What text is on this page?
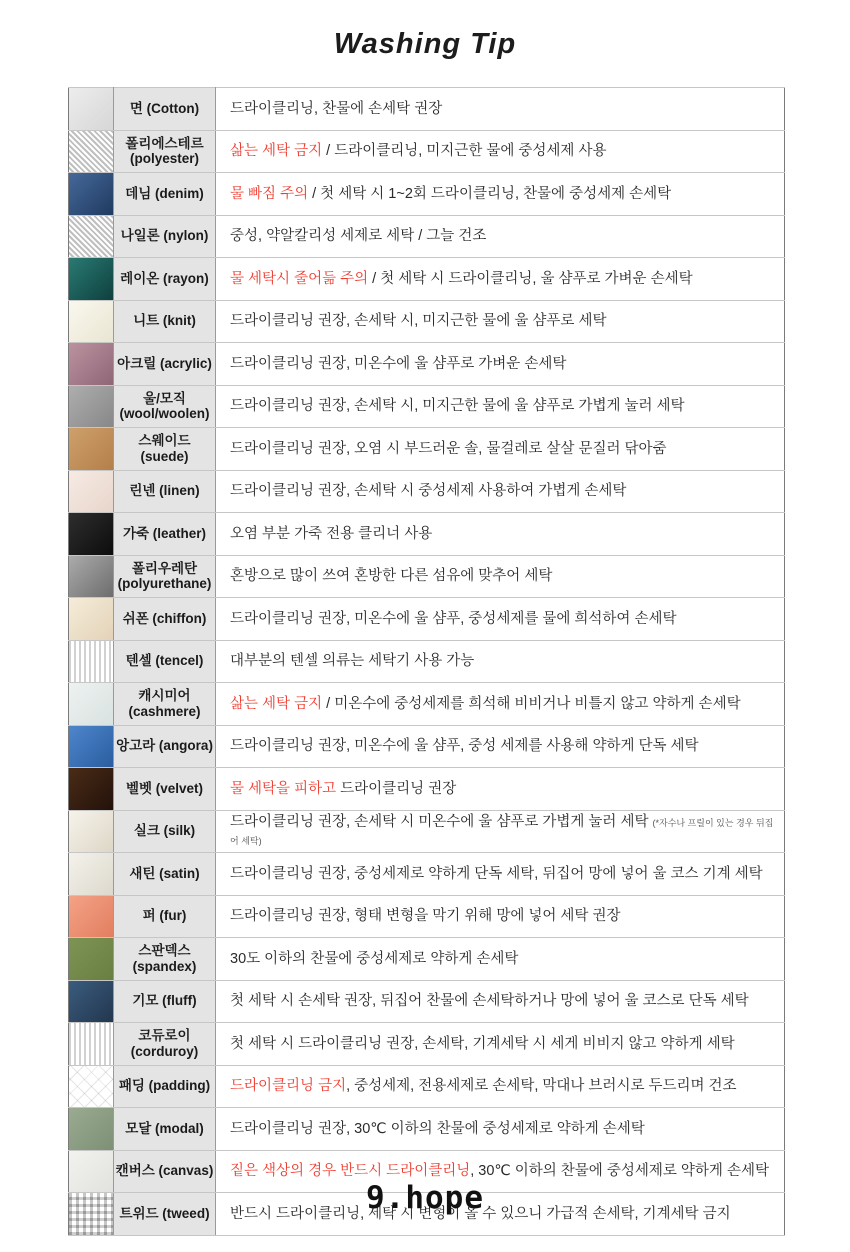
Washing Tip

	면 (Cotton)	드라이클리닝, 찬물에 손세탁 권장

	폴리에스테르
(polyester)	삶는 세탁 금지 / 드라이클리닝, 미지근한 물에 중성세제 사용

	데님 (denim)	물 빠짐 주의 / 첫 세탁 시 1~2회 드라이클리닝, 찬물에 중성세제 손세탁

	나일론 (nylon)	중성, 약알칼리성 세제로 세탁 / 그늘 건조

	레이온 (rayon)	물 세탁시 줄어듦 주의 / 첫 세탁 시 드라이클리닝, 울 샴푸로 가벼운 손세탁

	니트 (knit)	드라이클리닝 권장, 손세탁 시, 미지근한 물에 울 샴푸로 세탁

	아크릴 (acrylic)	드라이클리닝 권장, 미온수에 울 샴푸로 가벼운 손세탁

	울/모직
(wool/woolen)	드라이클리닝 권장, 손세탁 시, 미지근한 물에 울 샴푸로 가볍게 눌러 세탁

	스웨이드
(suede)	드라이클리닝 권장, 오염 시 부드러운 솔, 물걸레로 살살 문질러 닦아줌

	린넨 (linen)	드라이클리닝 권장, 손세탁 시 중성세제 사용하여 가볍게 손세탁

	가죽 (leather)	오염 부분 가죽 전용 클리너 사용

	폴리우레탄
(polyurethane)	혼방으로 많이 쓰여 혼방한 다른 섬유에 맞추어 세탁

	쉬폰 (chiffon)	드라이클리닝 권장, 미온수에 울 샴푸, 중성세제를 물에 희석하여 손세탁

	텐셀 (tencel)	대부분의 텐셀 의류는 세탁기 사용 가능

	캐시미어
(cashmere)	삶는 세탁 금지 / 미온수에 중성세제를 희석해 비비거나 비틀지 않고 약하게 손세탁

	앙고라 (angora)	드라이클리닝 권장, 미온수에 울 샴푸, 중성 세제를 사용해 약하게 단독 세탁

	벨벳 (velvet)	물 세탁을 피하고 드라이클리닝 권장

	실크 (silk)	드라이클리닝 권장, 손세탁 시 미온수에 울 샴푸로 가볍게 눌러 세탁 (*자수나 프릴이 있는 경우 뒤집어 세탁)

	새틴 (satin)	드라이클리닝 권장, 중성세제로 약하게 단독 세탁, 뒤집어 망에 넣어 울 코스 기계 세탁

	퍼 (fur)	드라이클리닝 권장, 형태 변형을 막기 위해 망에 넣어 세탁 권장

	스판덱스
(spandex)	30도 이하의 찬물에 중성세제로 약하게 손세탁

	기모 (fluff)	첫 세탁 시 손세탁 권장, 뒤집어 찬물에 손세탁하거나 망에 넣어 울 코스로 단독 세탁

	코듀로이
(corduroy)	첫 세탁 시 드라이클리닝 권장, 손세탁, 기계세탁 시 세게 비비지 않고 약하게 세탁

	패딩 (padding)	드라이클리닝 금지, 중성세제, 전용세제로 손세탁, 막대나 브러시로 두드리며 건조

	모달 (modal)	드라이클리닝 권장, 30℃ 이하의 찬물에 중성세제로 약하게 손세탁

	캔버스 (canvas)	짙은 색상의 경우 반드시 드라이클리닝, 30℃ 이하의 찬물에 중성세제로 약하게 손세탁

	트위드 (tweed)	반드시 드라이클리닝, 세탁 시 변형이 올 수 있으니 가급적 손세탁, 기계세탁 금지
9.hope
